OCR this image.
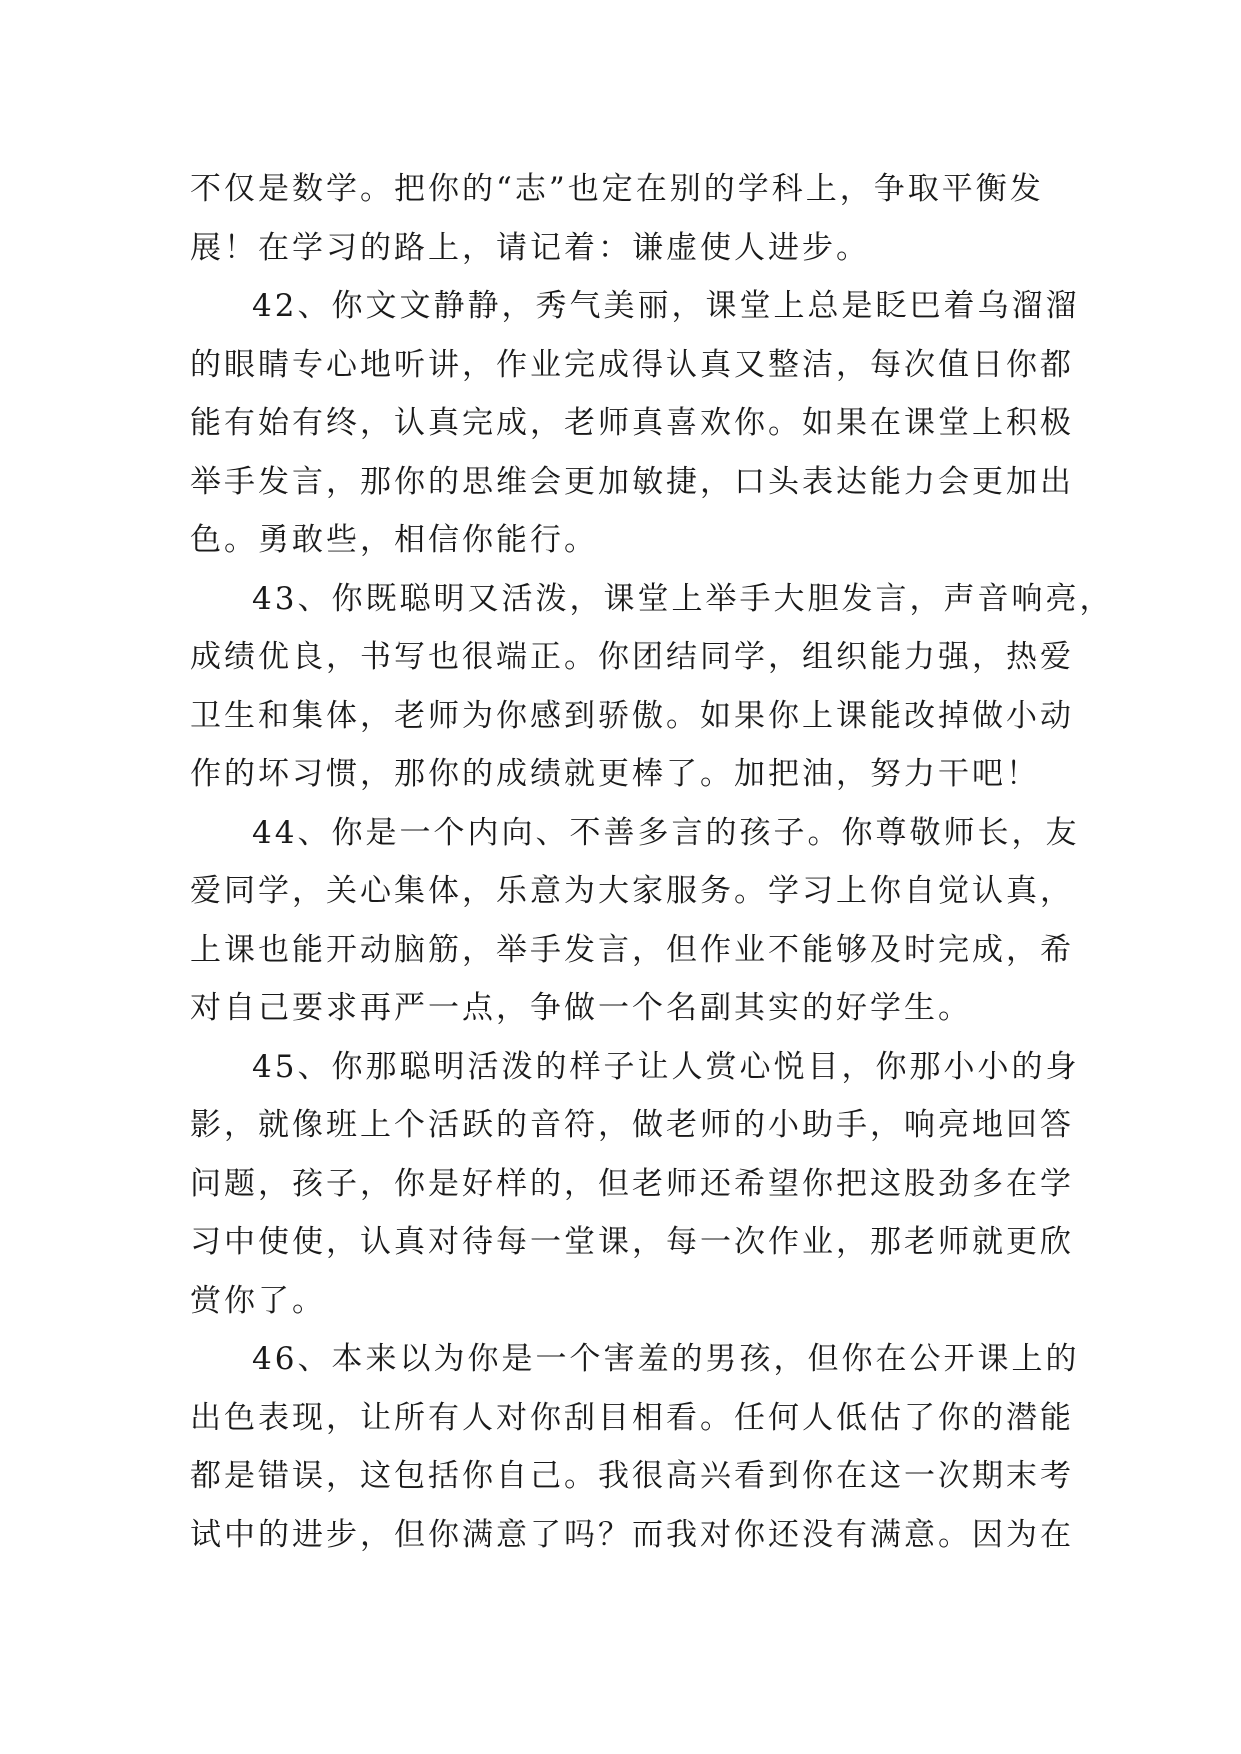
不仅是数学。把你的“志”也定在别的学科上，争取平衡发
展！在学习的路上，请记着：谦虚使人进步。
42、你文文静静，秀气美丽，课堂上总是眨巴着乌溜溜
的眼睛专心地听讲，作业完成得认真又整洁，每次值日你都
能有始有终，认真完成，老师真喜欢你。如果在课堂上积极
举手发言，那你的思维会更加敏捷，口头表达能力会更加出
色。勇敢些，相信你能行。
43、你既聪明又活泼，课堂上举手大胆发言，声音响亮，
成绩优良，书写也很端正。你团结同学，组织能力强，热爱
卫生和集体，老师为你感到骄傲。如果你上课能改掉做小动
作的坏习惯，那你的成绩就更棒了。加把油，努力干吧！
44、你是一个内向、不善多言的孩子。你尊敬师长，友
爱同学，关心集体，乐意为大家服务。学习上你自觉认真，
上课也能开动脑筋，举手发言，但作业不能够及时完成，希
对自己要求再严一点，争做一个名副其实的好学生。
45、你那聪明活泼的样子让人赏心悦目，你那小小的身
影，就像班上个活跃的音符，做老师的小助手，响亮地回答
问题，孩子，你是好样的，但老师还希望你把这股劲多在学
习中使使，认真对待每一堂课，每一次作业，那老师就更欣
赏你了。
46、本来以为你是一个害羞的男孩，但你在公开课上的
出色表现，让所有人对你刮目相看。任何人低估了你的潜能
都是错误，这包括你自己。我很高兴看到你在这一次期末考
试中的进步，但你满意了吗？而我对你还没有满意。因为在
